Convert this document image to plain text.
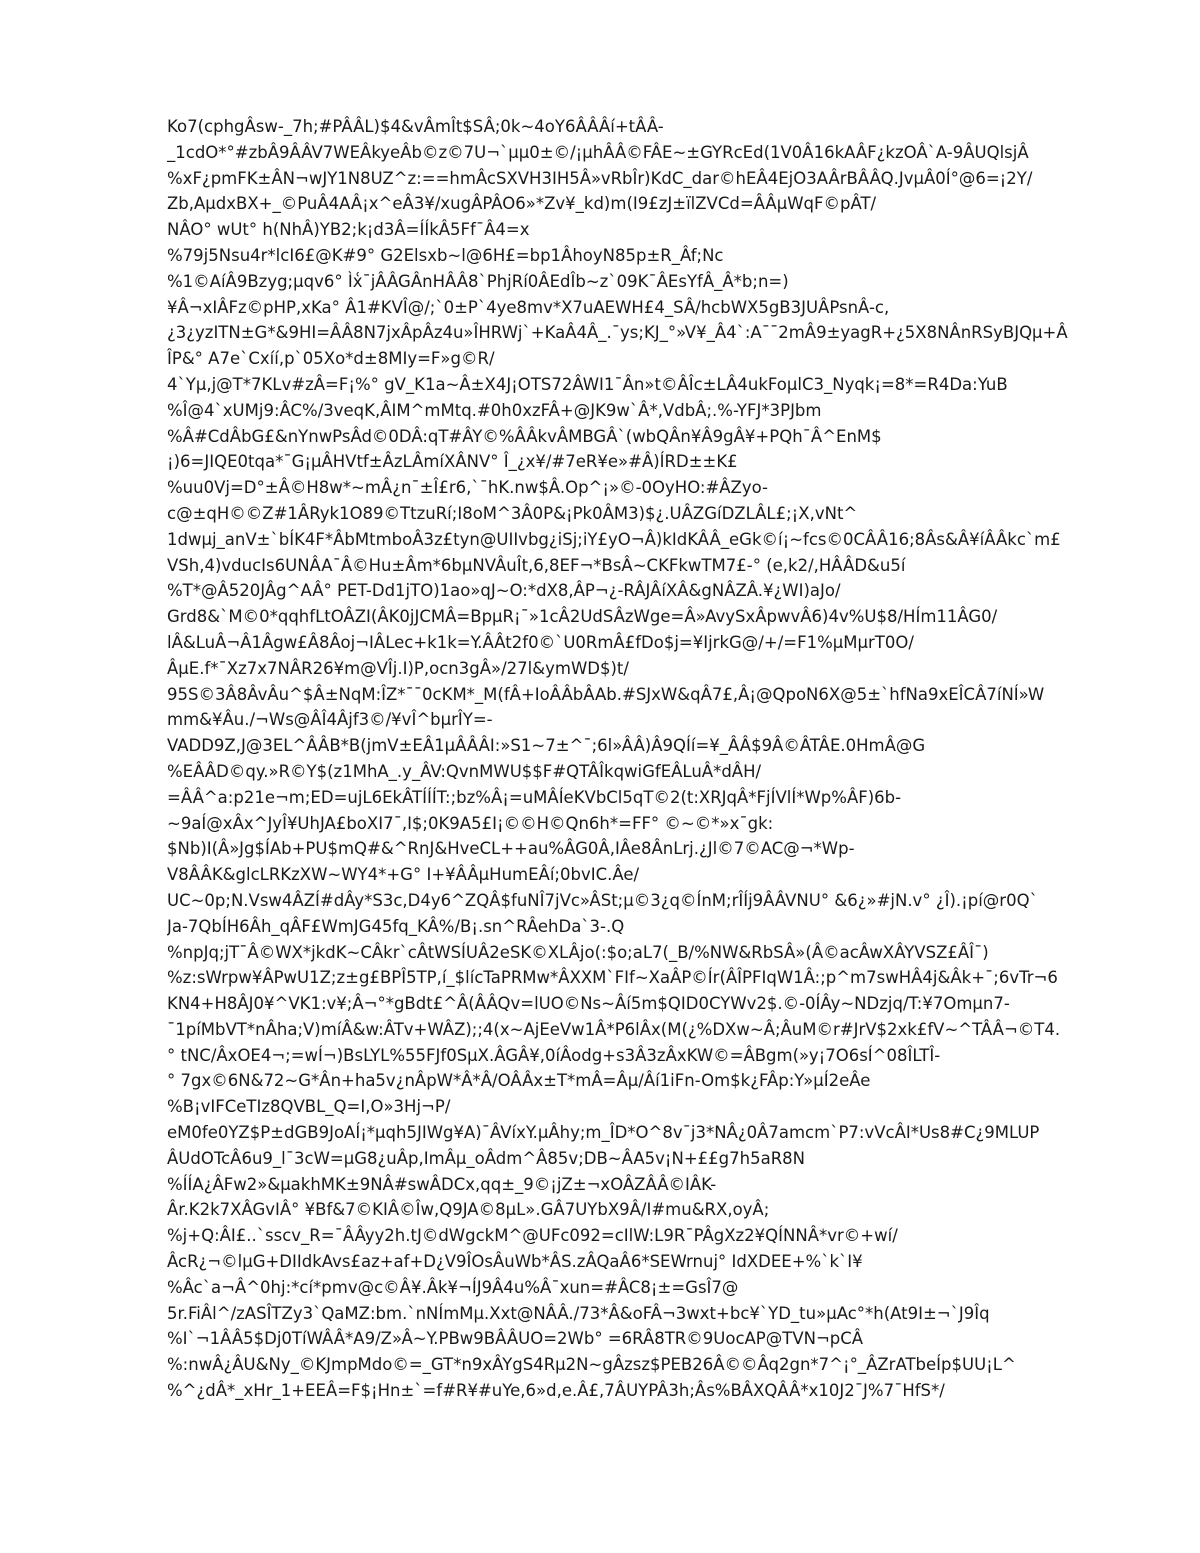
Ko7(cphgÂsw-_7h;#PÂÂL)$4&vÂmÎt$SÂ;0k~4oY6ÂÂÂí+tÂÂ-
_1cdO*°#zbÂ9ÂÂV7WEÂkyeÂb©z©7U¬`µµ0±©/¡µhÂÂ©FÂE~±GYRcEd(1V0Â16kAÂF¿kzOÂ`A-9ÂUQlsjÂ
%xF¿pmFK±ÂN¬wJY1N8UZ^z:==hmÂcSXVH3IH5Â»vRbÎr)KdC_dar©hEÂ4EjO3AÂrBÂÂQ.JvµÂ0Í°@6=¡2Y/
Zb,AµdxBX+_©PuÂ4AÂ¡x^eÂ3¥/xugÂPÂO6»*Zv¥_kd)m(I9£zJ±ïlZVCd=ÂÂµWqF©pÂT/
NÂO° wUt° h(NhÂ)YB2;k¡d3Â=ÍÍkÂ5Ff¯Â4=x
%79j5Nsu4r*lcI6£@K#9° G2Elsxb~l@6H£=bp1ÂhoyN85p±R_Âf;Nc
%1©AíÂ9Bzyg;µqv6° Ìx͑¯jÂÂGÂnHÂÂ8`PhjRí0ÂEdÎb~z`09K¯ÂEsYfÂ_Â*b;n=)
¥Â¬xIÂFz©pHP,xKa° Â1#KVÎ@/;`0±P`4ye8mv*X7uAEWH£4_SÂ/hcbWX5gB3JUÂPsnÂ-c,
¿3¿yzITN±G*&9HI=ÂÂ8N7jxÂpÂz4u»ÎHRWj`+KaÂ4Â_.¯ys;KJ_°»V¥_Â4`:A¯¯2mÂ9±yagR+¿5X8NÂnRSyBJQµ+Â
ÎP&° A7e`Cxíí,p`05Xo*d±8MIy=F»g©R/
4`Yµ,j@T*7KLv#zÂ=F¡%° gV_K1a~Â±X4J¡OTS72ÂWI1¯Ân»t©ÂÎc±LÂ4ukFoµlC3_Nyqk¡=8*=R4Da:YuB
%Î@4`xUMj9:ÂC%/3veqK,ÂIM^mMtq.#0h0xzFÂ+@JK9w`Â*,VdbÂ;.%-YFJ*3PJbm
%Â#CdÂbG£&nYnwPsÂd©0DÂ:qT#ÂY©%ÂÂkvÂMBGÂ`(wbQÂn¥Â9gÂ¥+PQh¯Â^EnM$
¡)6=JIQE0tqa*¯G¡µÂHVtf±ÂzLÂmíXÂNV° Î_¿x¥/#7eR¥e»#Â)ÍRD±±K£
%uu0Vj=D°±Â©H8w*~mÂ¿n¯±Î£r6,`¯hK.nw$Â.Op^¡»©-0OyHO:#ÂZyo-
c@±qH©©Z#1ÂRyk1O89©TtzuRí;I8oM^3Â0P&¡Pk0ÂM3)$¿.UÂZGíDZLÂL£;¡X,vNt^
1dwµj_anV±`bÍK4F*ÂbMtmboÂ3z£tyn@UIIvbg¿iSj;iY£yO¬Â)kIdKÂÂ_eGk©í¡~fcs©0CÂÂ16;8Âs&Â¥íÂÂkc`m£
VSh,4)vducIs6UNÂA¯Â©Hu±Âm*6bµNVÂuÎt,6,8EF¬*BsÂ~CKFkwTM7£-° (e,k2/,HÂÂD&u5í
%T*@Â520JÂg^AÂ° PET-Dd1jTO)1ao»qJ~O:*dX8,ÂP¬¿-RÂJÂíXÂ&gNÂZÂ.¥¿WI)aJo/
Grd8&`M©0*qqhfLtOÂZI(ÂK0jJCMÂ=BpµR¡¯»1cÂ2UdSÂzWge=Â»AvySxÂpwvÂ6)4v%U$8/HÍm11ÂG0/
lÂ&LuÂ¬Â1Âgw£Â8Âoj¬IÂLec+k1k=Y.ÂÂt2f0©`U0RmÂ£fDo$j=¥IjrkG@/+/=F1%µMµrT0O/
ÂµE.f*¯Xz7x7NÂR26¥m@VÎj.I)P,ocn3gÂ»/27l&ymWD$)t/
95S©3Â8ÂvÂu^$Â±NqM:ÎZ*¯¯0cKM*_M(fÂ+IoÂÂbÂAb.#SJxW&qÂ7£,Â¡@QpoN6X@5±`hfNa9xEÎCÂ7íNÍ»W
mm&¥Âu./¬Ws@ÂÎ4Âjf3©/¥vÎ^bµrÎY=-
VADD9Z,J@3EL^ÂÂB*B(jmV±EÂ1µÂÂÂI:»S1~7±^¯;6l»ÂÂ)Â9QÍí=¥_ÂÂ$9Â©ÂTÂE.0HmÂ@G
%EÂÂD©qy.»R©Y$(z1MhA_.y_ÂV:QvnMWU$$F#QTÂÎkqwiGfEÂLuÂ*dÂH/
=ÂÂ^a:p21e¬m;ED=ujL6EkÂTÍÍÍT:;bz%Â¡=uMÂÍeKVbCl5qT©2(t:XRJqÂ*FjÍVlÍ*Wp%ÂF)6b-
~9aÍ@xÂx^JyÎ¥UhJA£boXI7¯,I$;0K9A5£I¡©©H©Qn6h*=FF° ©~©*»x¯gk:
$Nb)I(Â»Jg$ÍAb+PU$mQ#&^RnJ&HveCL++au%ÂG0Â,IÂe8ÂnLrj.¿Jl©7©AC@¬*Wp-
V8ÂÂK&glcLRKzXW~WY4*+G° I+¥ÂÂµHumEÂí;0bvIC.Âe/
UC~0p;N.Vsw4ÂZÍ#dÂy*S3c,D4y6^ZQÂ$fuNÎ7jVc»ÂSt;µ©3¿q©ÍnM;rÎÍj9ÂÂVNU° &6¿»#jN.v° ¿Î).¡pí@r0Q`
Ja-7QbÍH6Âh_qÂF£WmJG45fq_KÂ%/B¡.sn^RÂehDa`3-.Q
%npJq;jT¯Â©WX*jkdK~CÂkr`cÂtWSÍUÂ2eSK©XLÂjo(:$o;aL7(_B/%NW&RbSÂ»(Â©acÂwXÂYVSZ£ÂÎ¯)
%z:sWrpw¥ÂPwU1Z;z±g£BPÎ5TP,í_$lícTaPRMw*ÂXXM`FIf~XaÂP©Ír(ÂÎPFIqW1Â:;p^m7swHÂ4j&Âk+¯;6vTr¬6
KN4+H8ÂJ0¥^VK1:v¥;Â¬°*gBdt£^Â(ÂÂQv=lUO©Ns~Âí5m$QID0CYWv2$.©-0ÍÂy~NDzjq/T:¥7Omµn7-
¯1píMbVT*nÂha;V)míÂ&w:ÂTv+WÂZ);;4(x~AjEeVw1Â*P6lÂx(M(¿%DXw~Â;ÂuM©r#JrV$2xk£fV~^TÂÂ¬©T4.
° tNC/ÂxOE4¬;=wÍ¬)BsLYL%55FJf0SµX.ÂGÂ¥,0íÂodg+s3Â3zÂxKW©=ÂBgm(»y¡7O6sÍ^08ÎLTÎ-
° 7gx©6N&72~G*Ân+ha5v¿nÂpW*Â*Â/OÂÂx±T*mÂ=Âµ/Âí1iFn-Om$k¿FÂp:Y»µÍ2eÂe
%B¡vIFCeTIz8QVBL_Q=I,O»3Hj¬P/
eM0fe0YZ$P±dGB9JoAÍ¡*µqh5JIWg¥A)¯ÂVíxY.µÂhy;m_ÎD*O^8v¯j3*NÂ¿0Â7amcm`P7:vVcÂI*Us8#C¿9MLUP
ÂUdOTcÂ6u9_l¯3cW=µG8¿uÂp,ImÂµ_oÂdm^Â85v;DB~ÂA5v¡N+££g7h5aR8N
%ÍÍA¿ÂFw2»&µakhMK±9NÂ#swÂDCx,qq±_9©¡jZ±¬xOÂZÂÂ©IÂK-
Âr.K2k7XÂGvIÂ° ¥Bf&7©KIÂ©Îw,Q9JA©8µL».GÂ7UYbX9Â/I#mu&RX,oyÂ;
%j+Q:ÂI£..`sscv_R=¯ÂÂyy2h.tJ©dWgckM^@UFc092=cIlW:L9R¯PÂgXz2¥QÍNNÂ*vr©+wí/
ÂcR¿¬©lµG+DIIdkAvs£az+af+D¿V9ÎOsÂuWb*ÂS.zÂQaÂ6*SEWrnuj° IdXDEE+%`k`I¥
%Âc`a¬Â^0hj:*cí*pmv@c©Â¥.Âk¥¬ÍJ9Â4u%Â¯xun=#ÂC8¡±=GsÎ7@
5r.FiÂl^/zASÎTZy3`QaMZ:bm.`nNÍmMµ.Xxt@NÂÂ./73*Â&oFÂ¬3wxt+bc¥`YD_tu»µAc°*h(At9I±¬`J9Îq
%I`¬1ÂÂ5$Dj0TíWÂÂ*A9/Z»Â~Y.PBw9BÂÂUO=2Wb° =6RÂ8TR©9UocAP@TVN¬pCÂ
%:nwÂ¿ÂU&Ny_©KJmpMdo©=_GT*n9xÂYgS4Rµ2N~gÂzsz$PEB26Â©©Âq2gn*7^¡°_ÂZrATbeÍp$UU¡L^
%^¿dÂ*_xHr_1+EEÂ=F$¡Hn±`=f#R¥#uYe,6»d,e.Â£,7ÂUYPÂ3h;Âs%BÂXQÂÂ*x10J2¯J%7¯HfS*/
